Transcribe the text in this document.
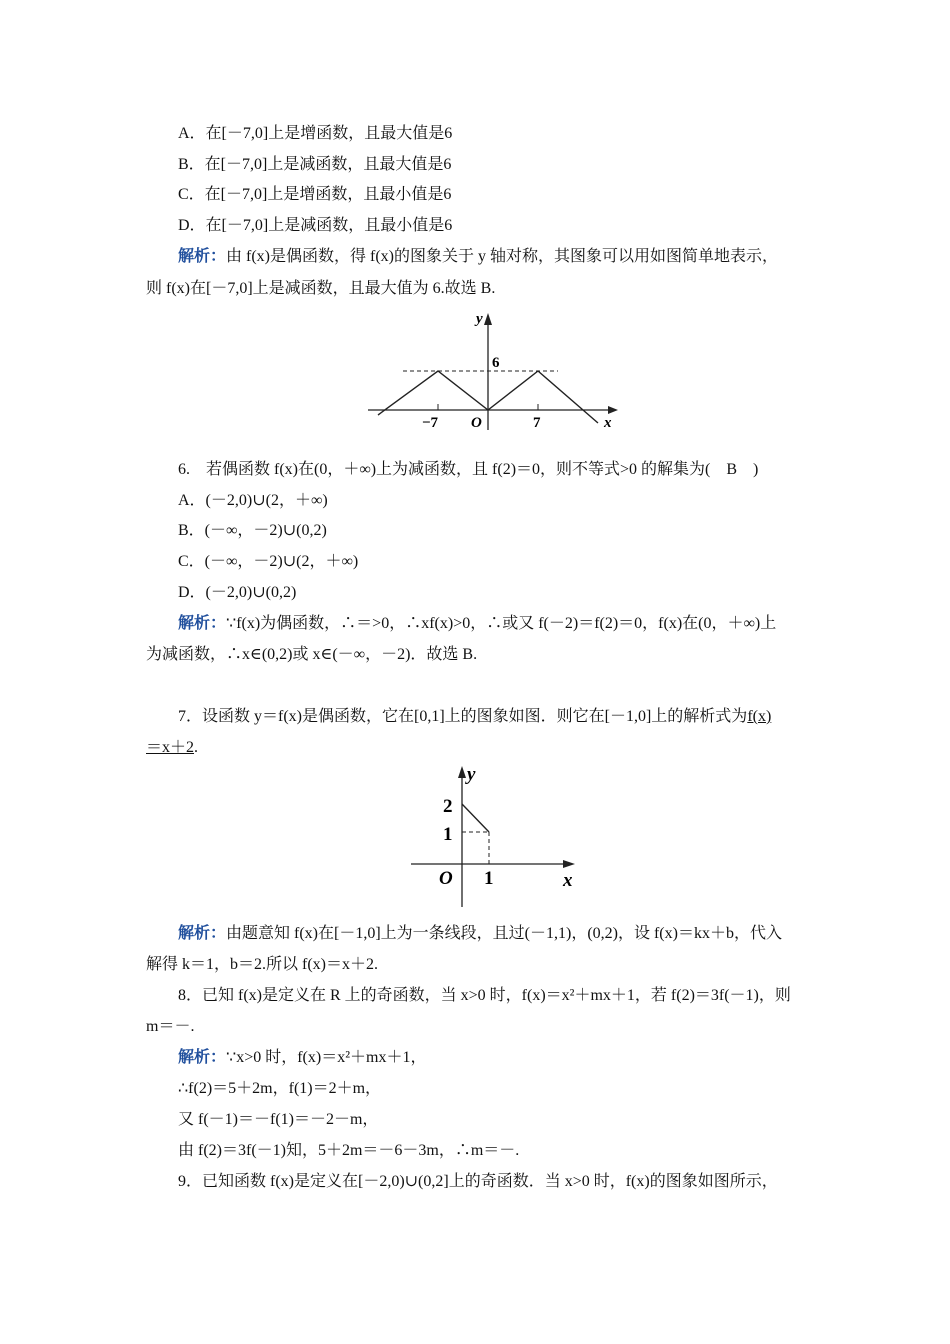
A．在[－7,0]上是增函数，且最大值是6
B．在[－7,0]上是减函数，且最大值是6
C．在[－7,0]上是增函数，且最小值是6
D．在[－7,0]上是减函数，且最小值是6
解析：由 f(x)是偶函数，得 f(x)的图象关于 y 轴对称，其图象可以用如图简单地表示，
则 f(x)在[－7,0]上是减函数，且最大值为 6.故选 B.
y
6
−7 O	7	x
6.　若偶函数 f(x)在(0，＋∞)上为减函数，且 f(2)＝0，则不等式>0 的解集为(　B　)
A．(－2,0)∪(2，＋∞)
B．(－∞，－2)∪(0,2)
C．(－∞，－2)∪(2，＋∞)
D．(－2,0)∪(0,2)
解析：∵f(x)为偶函数，∴＝>0，∴xf(x)>0，∴或又 f(－2)＝f(2)＝0，f(x)在(0，＋∞)上
为减函数，∴x∈(0,2)或 x∈(－∞，－2)．故选 B.
7．设函数 y＝f(x)是偶函数，它在[0,1]上的图象如图．则它在[－1,0]上的解析式为f(x)
＝x＋2.
y
2
1
O 1	x
解析：由题意知 f(x)在[－1,0]上为一条线段，且过(－1,1)，(0,2)，设 f(x)＝kx＋b，代入
解得 k＝1，b＝2.所以 f(x)＝x＋2.
8．已知 f(x)是定义在 R 上的奇函数，当 x>0 时，f(x)＝x²＋mx＋1，若 f(2)＝3f(－1)，则
m＝－.
解析：∵x>0 时，f(x)＝x²＋mx＋1，
∴f(2)＝5＋2m，f(1)＝2＋m，
又 f(－1)＝－f(1)＝－2－m，
由 f(2)＝3f(－1)知，5＋2m＝－6－3m，∴m＝－.
9．已知函数 f(x)是定义在[－2,0)∪(0,2]上的奇函数．当 x>0 时，f(x)的图象如图所示，
